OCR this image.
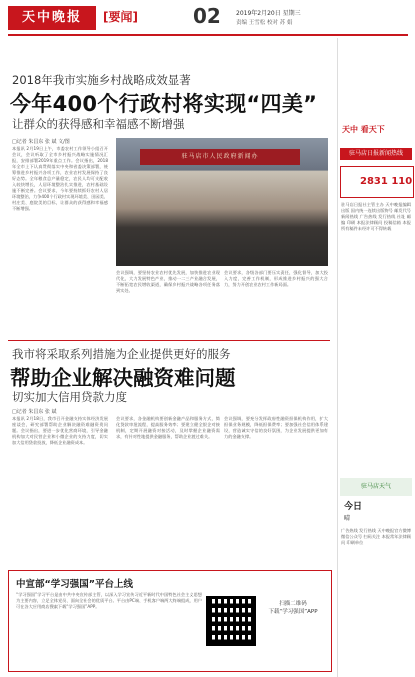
天中晚报	[要闻]	02	2019年2月20日 星期三
责编 王雪松 校对 苏 娟
2018年我市实施乡村战略成效显著
今年400个行政村将实现“四美”
让群众的获得感和幸福感不断增强
□记者 朱昌东 张 斌 文/图
本报讯 2月19日上午，市委农村工作领导小组召开会议，会议听取了全市乡村振兴战略实施情况汇报，安排部署2019年重点工作。会议指出，2018年全市上下认真贯彻落实中央和省委决策部署，统筹推进乡村振兴各项工作，农业农村发展保持了良好态势。全年粮食总产量稳定，农民人均可支配收入较快增长，人居环境整治扎实推进，农村基础设施不断完善。会议要求，今年要持续抓好农村人居环境整治，力争400个行政村实现环境美、田园美、村庄美、庭院美的目标，让群众的获得感和幸福感不断增强。
驻马店市人民政府新闻办
会议强调，要坚持农业农村优先发展，加快推进农业现代化，大力发展特色产业，推动一二三产业融合发展，不断拓宽农民增收渠道，确保乡村振兴战略各项任务落到实处。
会议要求，各级各部门要压实责任，强化督导，加大投入力度，完善工作机制，形成推进乡村振兴的强大合力，努力开创农业农村工作新局面。
我市将采取系列措施为企业提供更好的服务
帮助企业解决融资难问题
切实加大信用贷款力度
□记者 朱昌东 张 斌
本报讯 2月18日，我市召开金融支持实体经济发展座谈会，研究部署帮助企业解决融资难融资贵问题。会议指出，要进一步优化营商环境，引导金融机构加大对民营企业和小微企业的支持力度，切实加大信用贷款投放，降低企业融资成本。
会议要求，各金融机构要创新金融产品和服务方式，简化贷款审批流程，提高服务效率；要建立健全银企对接机制，定期开展融资对接活动，及时掌握企业融资需求，有针对性地提供金融服务，帮助企业渡过难关。
会议强调，要充分发挥政府性融资担保机构作用，扩大担保业务规模，降低担保费率；要加强社会信用体系建设，营造诚实守信的良好氛围，为企业发展提供更加有力的金融支撑。
中宣部“学习强国”平台上线
“学习强国”学习平台是由中共中央宣传部主管，以深入学习宣传习近平新时代中国特色社会主义思想为主要内容，立足全体党员、面向全社会的优质平台。平台由PC端、手机客户端两大终端组成，用户可在各大应用商店搜索下载“学习强国”APP。	扫描二维码
下载“学习强国”APP
天中 看天下
驻马店日报新闻热线
2831 110
驻马店日报社主管主办 天中晚报编辑出版 国内统一连续出版物号 邮发代号 新闻热线 广告热线 发行热线 社址 邮编 印刷 本报法律顾问 投稿信箱 本报所有稿件未经许可不得转载
驻马店天气
今日
晴
广告热线 发行热线 天中晚报官方微博 微信公众号 扫码关注 本报常年法律顾问 印刷单位
